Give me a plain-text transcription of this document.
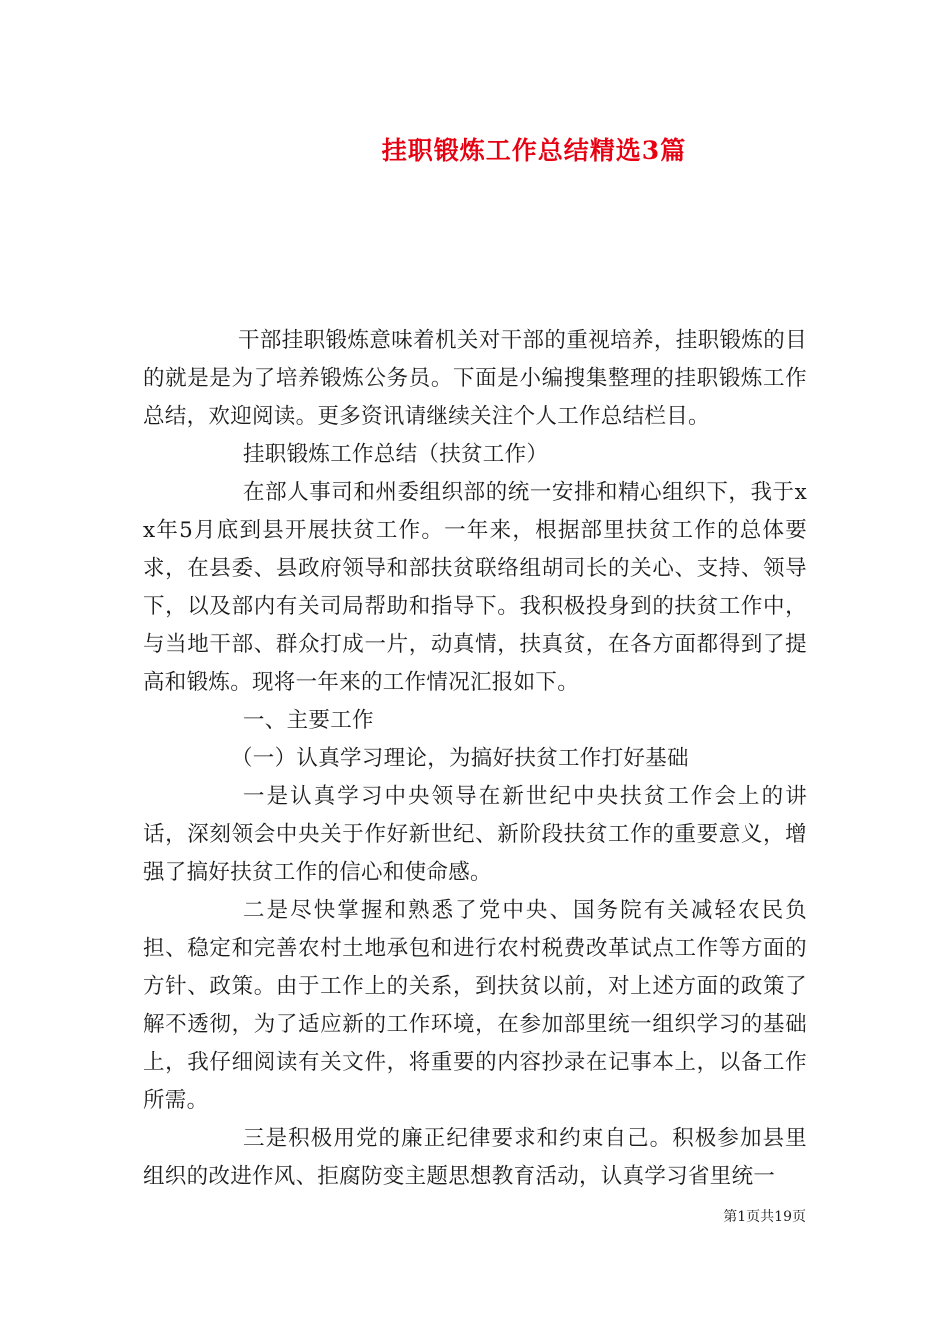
挂职锻炼工作总结精选3篇

干部挂职锻炼意味着机关对干部的重视培养，挂职锻炼的目的就是是为了培养锻炼公务员。下面是小编搜集整理的挂职锻炼工作总结，欢迎阅读。更多资讯请继续关注个人工作总结栏目。

挂职锻炼工作总结（扶贫工作）

在部人事司和州委组织部的统一安排和精心组织下，我于xx年5月底到县开展扶贫工作。一年来，根据部里扶贫工作的总体要求，在县委、县政府领导和部扶贫联络组胡司长的关心、支持、领导下，以及部内有关司局帮助和指导下。我积极投身到的扶贫工作中，与当地干部、群众打成一片，动真情，扶真贫，在各方面都得到了提高和锻炼。现将一年来的工作情况汇报如下。

一、主要工作

（一）认真学习理论，为搞好扶贫工作打好基础

一是认真学习中央领导在新世纪中央扶贫工作会上的讲话，深刻领会中央关于作好新世纪、新阶段扶贫工作的重要意义，增强了搞好扶贫工作的信心和使命感。

二是尽快掌握和熟悉了党中央、国务院有关减轻农民负担、稳定和完善农村土地承包和进行农村税费改革试点工作等方面的方针、政策。由于工作上的关系，到扶贫以前，对上述方面的政策了解不透彻，为了适应新的工作环境，在参加部里统一组织学习的基础上，我仔细阅读有关文件，将重要的内容抄录在记事本上，以备工作所需。

三是积极用党的廉正纪律要求和约束自己。积极参加县里组织的改进作风、拒腐防变主题思想教育活动，认真学习省里统一

第1页共19页
